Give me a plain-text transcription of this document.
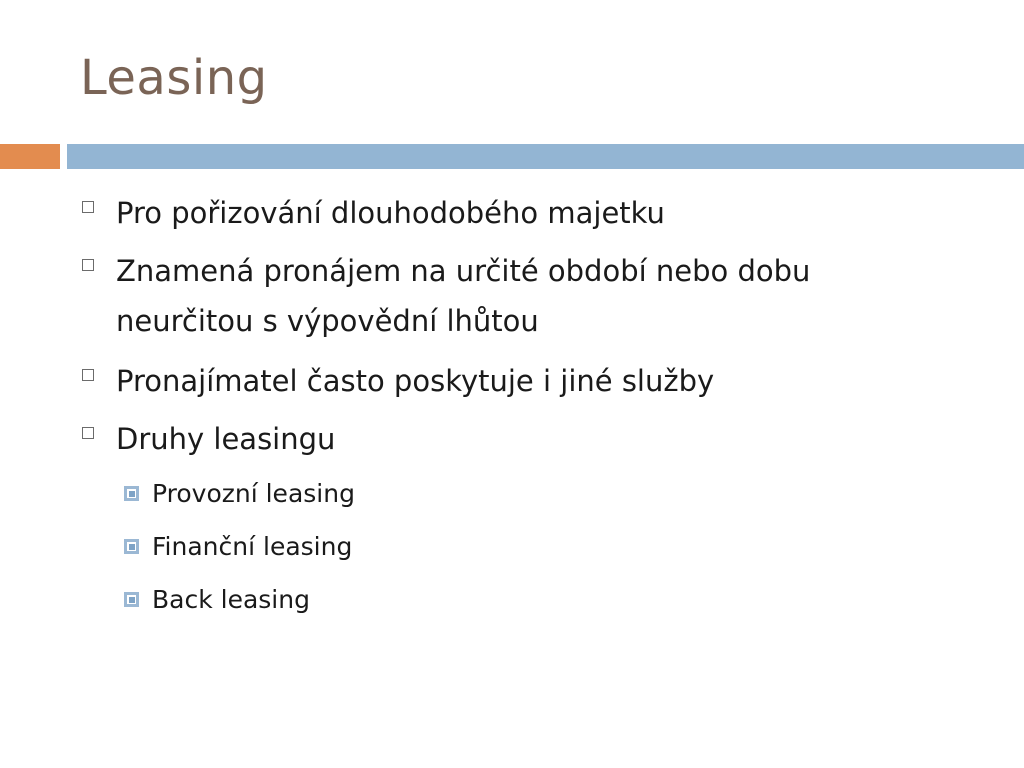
Leasing
Pro pořizování dlouhodobého majetku
Znamená pronájem na určité období nebo dobu neurčitou s výpovědní lhůtou
Pronajímatel často poskytuje i jiné služby
Druhy leasingu
Provozní leasing
Finanční leasing
Back leasing
